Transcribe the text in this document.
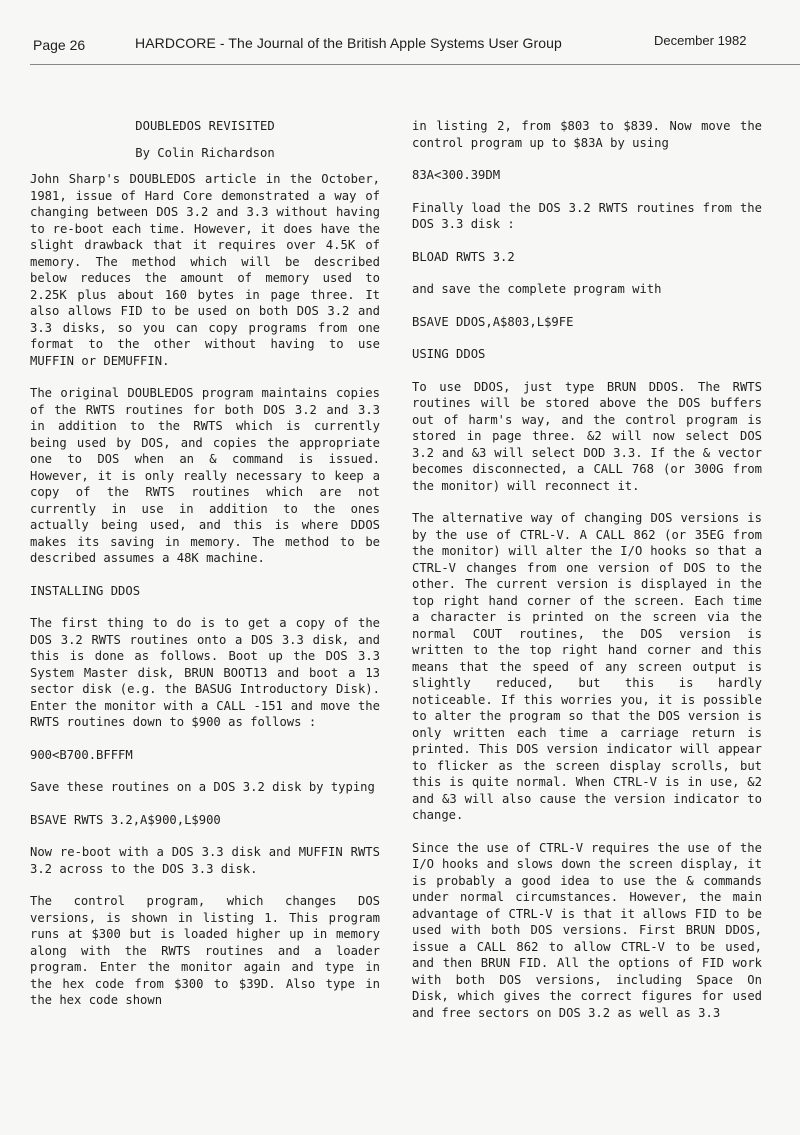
Page 26	HARDCORE - The Journal of the British Apple Systems User Group	December 1982

DOUBLEDOS REVISITED

By Colin Richardson

John Sharp's DOUBLEDOS article in the October, 1981, issue of Hard Core demonstrated a way of changing between DOS 3.2 and 3.3 without having to re-boot each time. However, it does have the slight drawback that it requires over 4.5K of memory. The method which will be described below reduces the amount of memory used to 2.25K plus about 160 bytes in page three. It also allows FID to be used on both DOS 3.2 and 3.3 disks, so you can copy programs from one format to the other without having to use MUFFIN or DEMUFFIN.

The original DOUBLEDOS program maintains copies of the RWTS routines for both DOS 3.2 and 3.3 in addition to the RWTS which is currently being used by DOS, and copies the appropriate one to DOS when an & command is issued. However, it is only really necessary to keep a copy of the RWTS routines which are not currently in use in addition to the ones actually being used, and this is where DDOS makes its saving in memory. The method to be described assumes a 48K machine.

INSTALLING DDOS

The first thing to do is to get a copy of the DOS 3.2 RWTS routines onto a DOS 3.3 disk, and this is done as follows. Boot up the DOS 3.3 System Master disk, BRUN BOOT13 and boot a 13 sector disk (e.g. the BASUG Introductory Disk). Enter the monitor with a CALL -151 and move the RWTS routines down to $900 as follows :

900<B700.BFFFM

Save these routines on a DOS 3.2 disk by typing

BSAVE RWTS 3.2,A$900,L$900

Now re-boot with a DOS 3.3 disk and MUFFIN RWTS 3.2 across to the DOS 3.3 disk.

The control program, which changes DOS versions, is shown in listing 1. This program runs at $300 but is loaded higher up in memory along with the RWTS routines and a loader program. Enter the monitor again and type in the hex code from $300 to $39D. Also type in the hex code shown

in listing 2, from $803 to $839. Now move the control program up to $83A by using

83A<300.39DM

Finally load the DOS 3.2 RWTS routines from the DOS 3.3 disk :

BLOAD RWTS 3.2

and save the complete program with

BSAVE DDOS,A$803,L$9FE

USING DDOS

To use DDOS, just type BRUN DDOS. The RWTS routines will be stored above the DOS buffers out of harm's way, and the control program is stored in page three. &2 will now select DOS 3.2 and &3 will select DOD 3.3. If the & vector becomes disconnected, a CALL 768 (or 300G from the monitor) will reconnect it.

The alternative way of changing DOS versions is by the use of CTRL-V. A CALL 862 (or 35EG from the monitor) will alter the I/O hooks so that a CTRL-V changes from one version of DOS to the other. The current version is displayed in the top right hand corner of the screen. Each time a character is printed on the screen via the normal COUT routines, the DOS version is written to the top right hand corner and this means that the speed of any screen output is slightly reduced, but this is hardly noticeable. If this worries you, it is possible to alter the program so that the DOS version is only written each time a carriage return is printed. This DOS version indicator will appear to flicker as the screen display scrolls, but this is quite normal. When CTRL-V is in use, &2 and &3 will also cause the version indicator to change.

Since the use of CTRL-V requires the use of the I/O hooks and slows down the screen display, it is probably a good idea to use the & commands under normal circumstances. However, the main advantage of CTRL-V is that it allows FID to be used with both DOS versions. First BRUN DDOS, issue a CALL 862 to allow CTRL-V to be used, and then BRUN FID. All the options of FID work with both DOS versions, including Space On Disk, which gives the correct figures for used and free sectors on DOS 3.2 as well as 3.3
